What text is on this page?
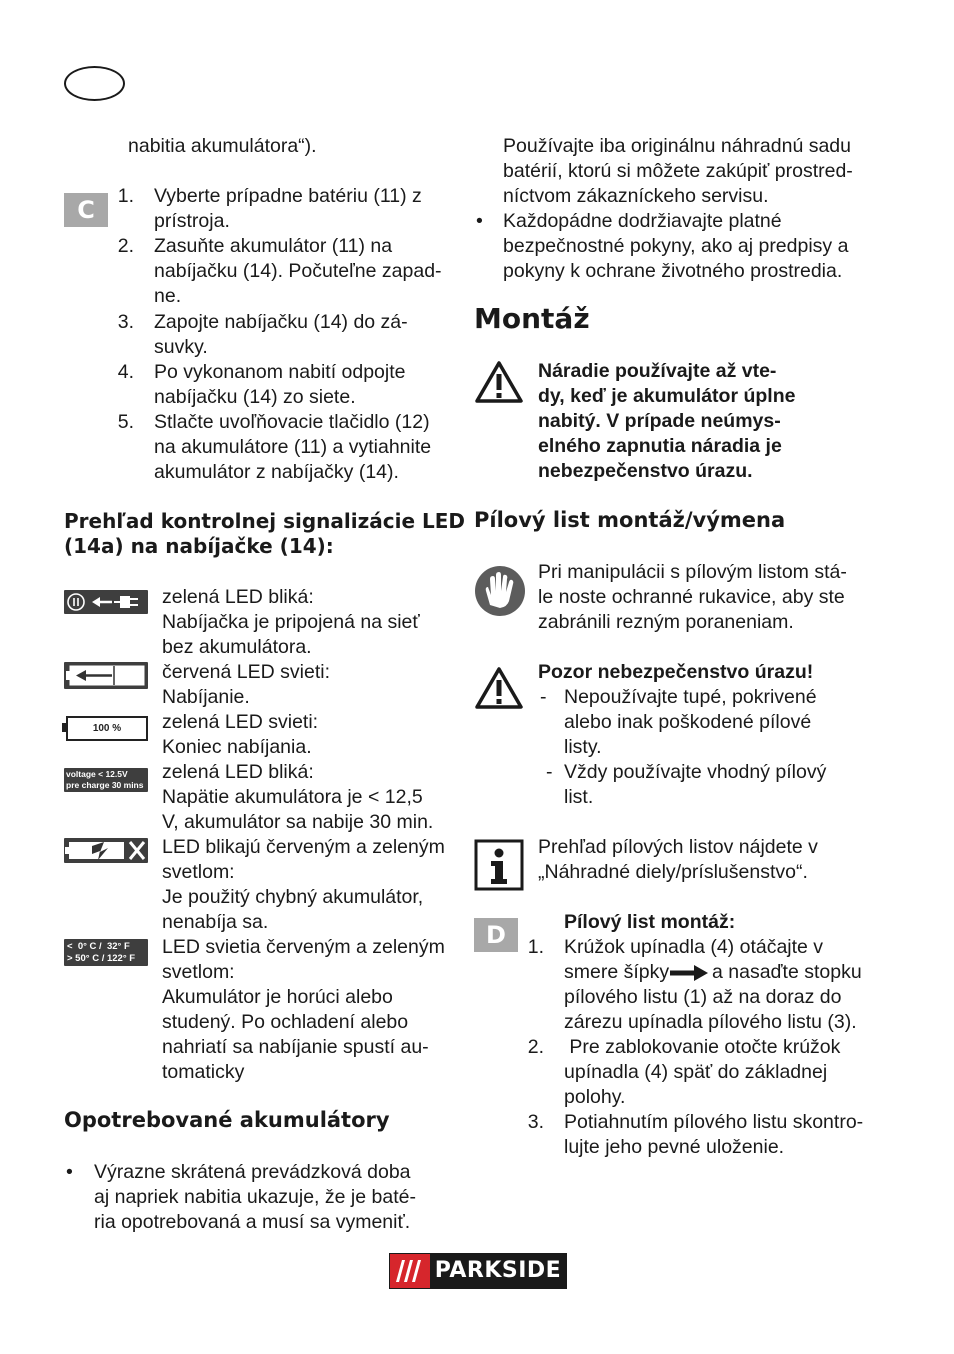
nabitia akumulátora“).
C	1. Vyberte prípadne batériu (11) z
prístroja.
2. Zasuňte akumulátor (11) na
nabíjačku (14). Počuteľne zapad-
ne.
3. Zapojte nabíjačku (14) do zá-
suvky.
4. Po vykonanom nabití odpojte
nabíjačku (14) zo siete.
5. Stlačte uvoľňovacie tlačidlo (12)
na akumulátore (11) a vytiahnite
akumulátor z nabíjačky (14).
Prehľad kontrolnej signalizácie LED
(14a) na nabíjačke (14):
zelená LED bliká:
Nabíjačka je pripojená na sieť
bez akumulátora.
červená LED svieti:
Nabíjanie.
100 %	zelená LED svieti:
Koniec nabíjania.
voltage < 12.5V
pre charge 30 mins
zelená LED bliká:
Napätie akumulátora je < 12,5
V, akumulátor sa nabije 30 min.
LED blikajú červeným a zeleným
svetlom:
Je použitý chybný akumulátor,
nenabíja sa.
<  0° C /  32° F
> 50° C / 122° F
LED svietia červeným a zeleným
svetlom:
Akumulátor je horúci alebo
studený. Po ochladení alebo
nahriatí sa nabíjanie spustí au-
tomaticky
Opotrebované akumulátory
• Výrazne skrátená prevádzková doba
aj napriek nabitia ukazuje, že je baté-
ria opotrebovaná a musí sa vymeniť.
Používajte iba originálnu náhradnú sadu
batérií, ktorú si môžete zakúpiť prostred-
níctvom zákazníckeho servisu.
• Každopádne dodržiavajte platné
bezpečnostné pokyny, ako aj predpisy a
pokyny k ochrane životného prostredia.
Montáž
Náradie používajte až vte-
dy, keď je akumulátor úplne
nabitý. V prípade neúmys-
elného zapnutia náradia je
nebezpečenstvo úrazu.
Pílový list montáž/výmena
Pri manipulácii s pílovým listom stá-
le noste ochranné rukavice, aby ste
zabránili rezným poraneniam.
Pozor nebezpečenstvo úrazu!
- Nepoužívajte tupé, pokrivené
alebo inak poškodené pílové
listy.
- Vždy používajte vhodný pílový
list.
Prehľad pílových listov nájdete v
„Náhradné diely/príslušenstvo“.
D	Pílový list montáž:
1. Krúžok upínadla (4) otáčajte v
smere šípky a nasaďte stopku
pílového listu (1) až na doraz do
zárezu upínadla pílového listu (3).
2. Pre zablokovanie otočte krúžok
upínadla (4) späť do základnej
polohy.
3. Potiahnutím pílového listu skontro-
lujte jeho pevné uloženie.
PARKSIDE
